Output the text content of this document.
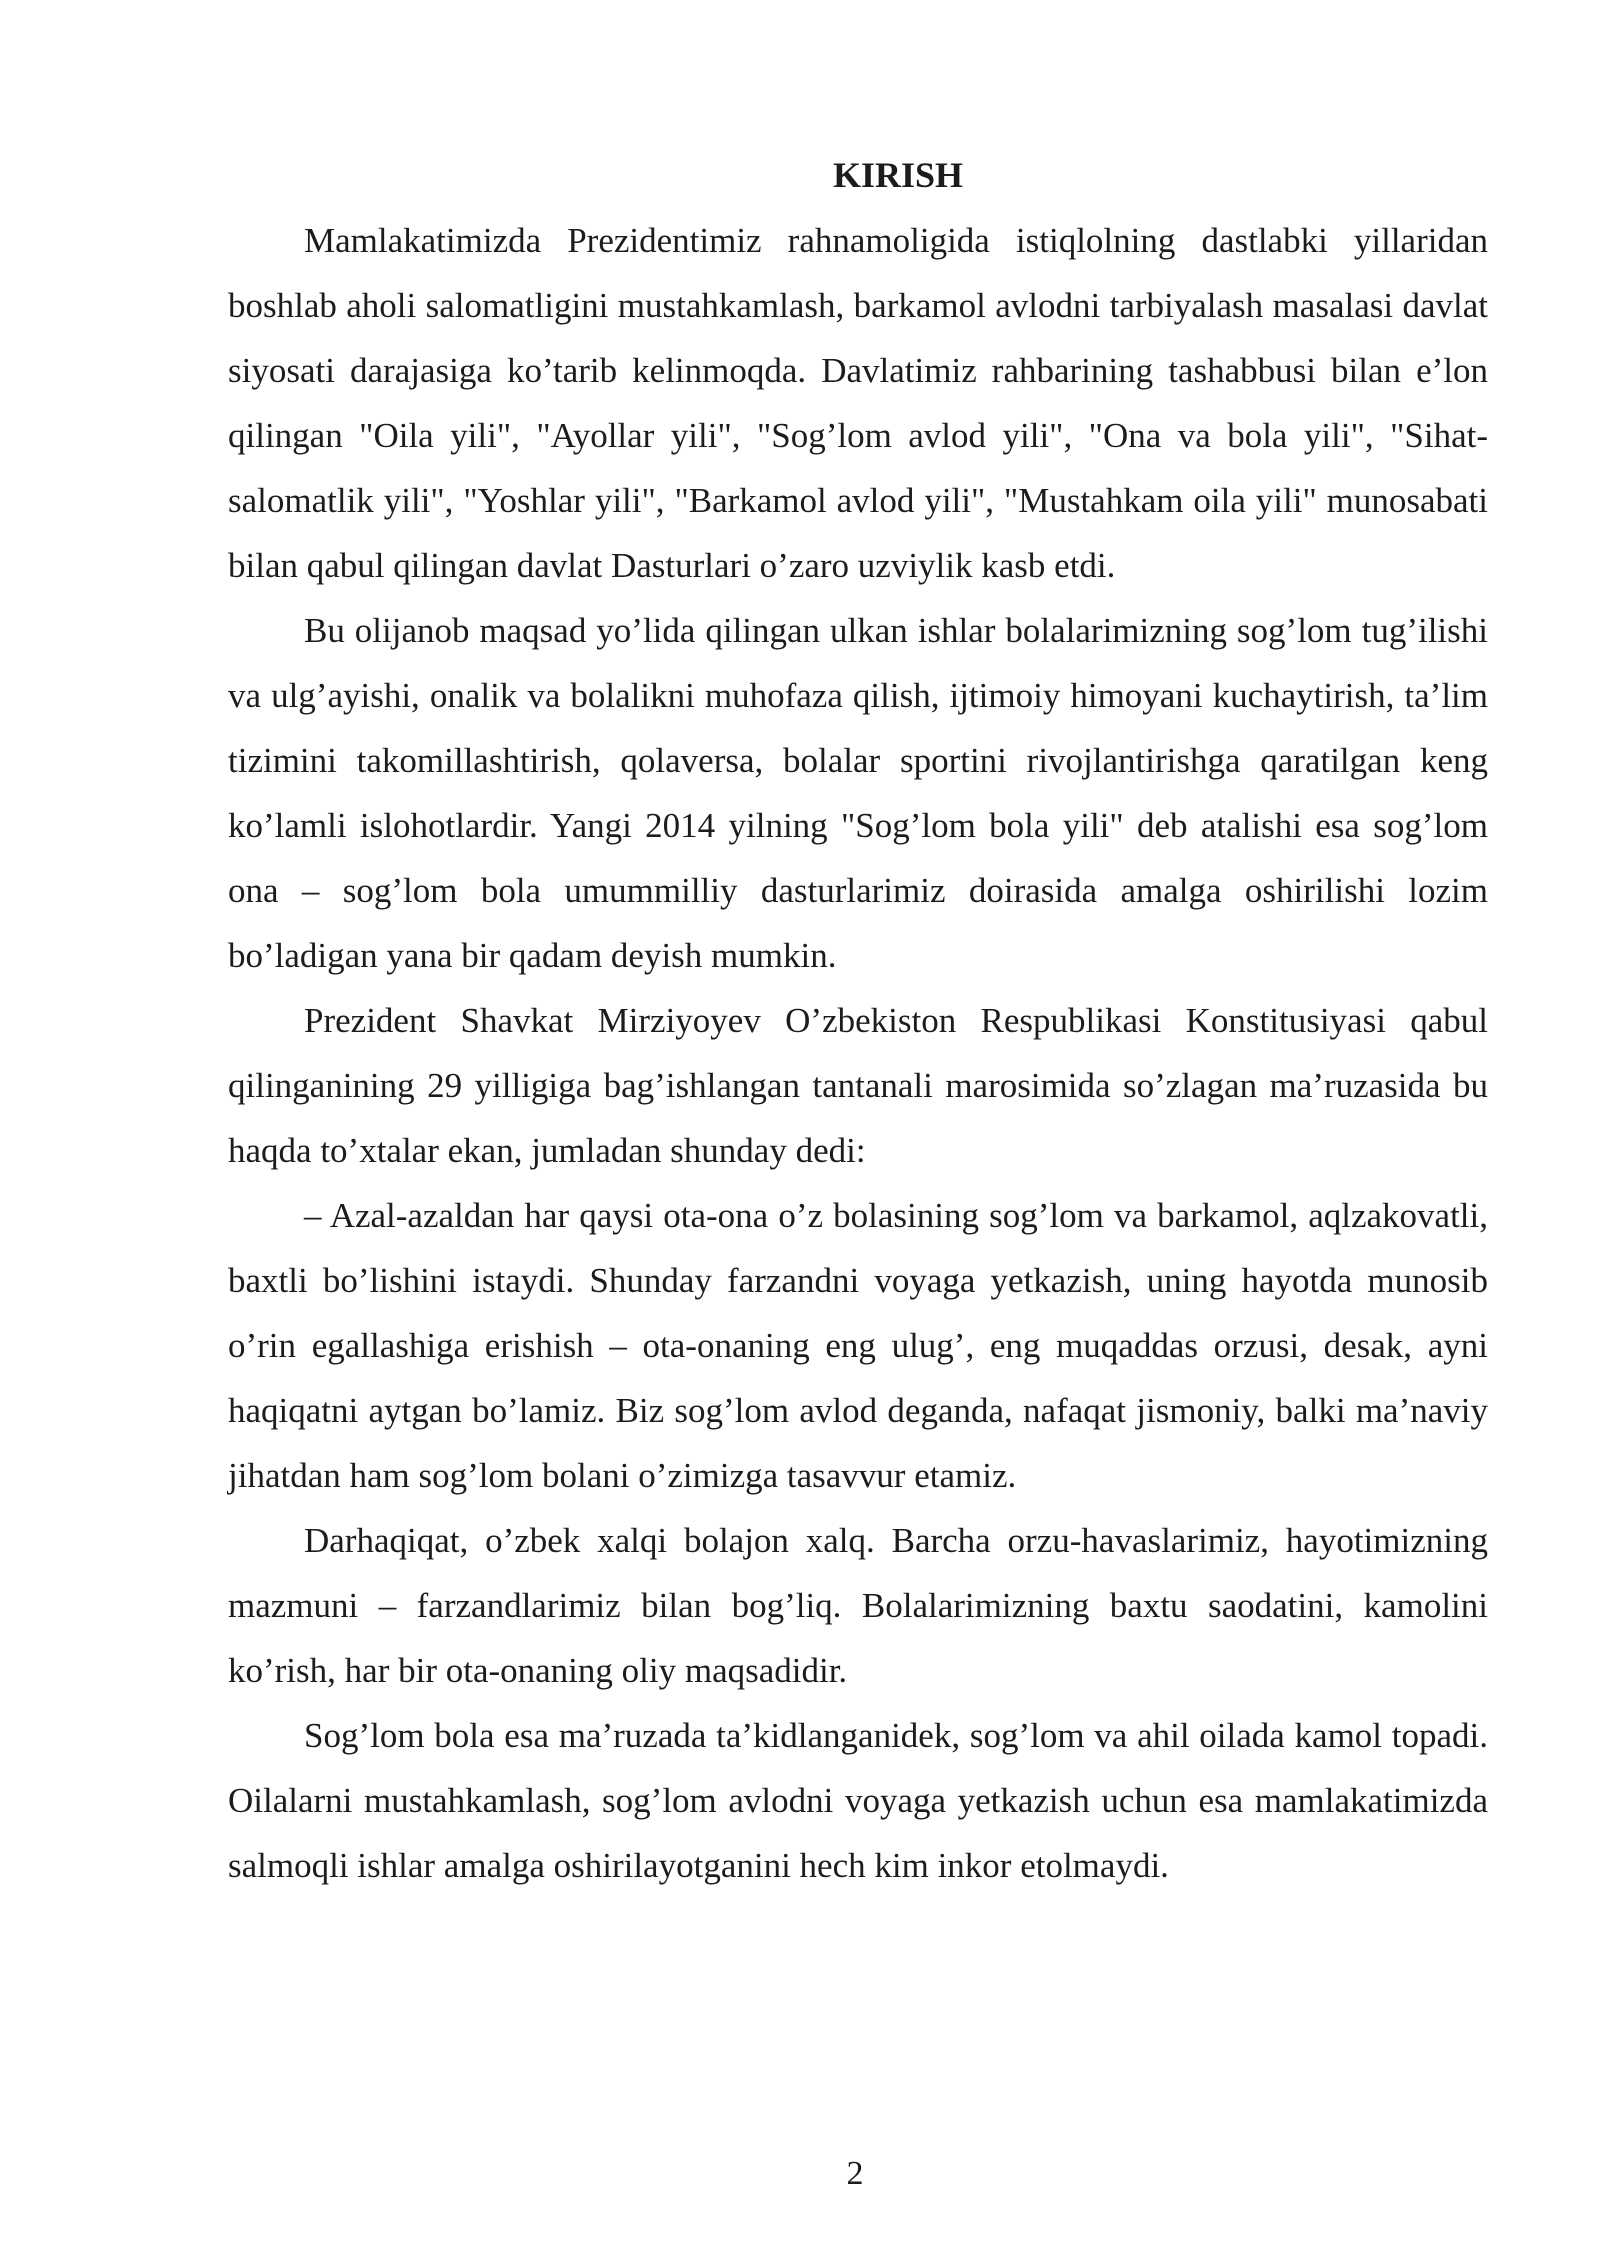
KIRISH

Mamlakatimizda Prezidentimiz rahnamoligida istiqlolning dastlabki yillaridan boshlab aholi salomatligini mustahkamlash, barkamol avlodni tarbiyalash masalasi davlat siyosati darajasiga ko’tarib kelinmoqda. Davlatimiz rahbarining tashabbusi bilan e’lon qilingan "Oila yili", "Ayollar yili", "Sog’lom avlod yili", "Ona va bola yili", "Sihat-salomatlik yili", "Yoshlar yili", "Barkamol avlod yili", "Mustahkam oila yili" munosabati bilan qabul qilingan davlat Dasturlari o’zaro uzviylik kasb etdi.

Bu olijanob maqsad yo’lida qilingan ulkan ishlar bolalarimizning sog’lom tug’ilishi va ulg’ayishi, onalik va bolalikni muhofaza qilish, ijtimoiy himoyani kuchaytirish, ta’lim tizimini takomillashtirish, qolaversa, bolalar sportini rivojlantirishga qaratilgan keng ko’lamli islohotlardir. Yangi 2014 yilning "Sog’lom bola yili" deb atalishi esa sog’lom ona – sog’lom bola umummilliy dasturlarimiz doirasida amalga oshirilishi lozim bo’ladigan yana bir qadam deyish mumkin.

Prezident Shavkat Mirziyoyev O’zbekiston Respublikasi Konstitusiyasi qabul qilinganining 29 yilligiga bag’ishlangan tantanali marosimida so’zlagan ma’ruzasida bu haqda to’xtalar ekan, jumladan shunday dedi:

– Azal-azaldan har qaysi ota-ona o’z bolasining sog’lom va barkamol, aqlzakovatli, baxtli bo’lishini istaydi. Shunday farzandni voyaga yetkazish, uning hayotda munosib o’rin egallashiga erishish – ota-onaning eng ulug’, eng muqaddas orzusi, desak, ayni haqiqatni aytgan bo’lamiz. Biz sog’lom avlod deganda, nafaqat jismoniy, balki ma’naviy jihatdan ham sog’lom bolani o’zimizga tasavvur etamiz.

Darhaqiqat, o’zbek xalqi bolajon xalq. Barcha orzu-havaslarimiz, hayotimizning mazmuni – farzandlarimiz bilan bog’liq. Bolalarimizning baxtu saodatini, kamolini ko’rish, har bir ota-onaning oliy maqsadidir.

Sog’lom bola esa ma’ruzada ta’kidlanganidek, sog’lom va ahil oilada kamol topadi. Oilalarni mustahkamlash, sog’lom avlodni voyaga yetkazish uchun esa mamlakatimizda salmoqli ishlar amalga oshirilayotganini hech kim inkor etolmaydi.

2
